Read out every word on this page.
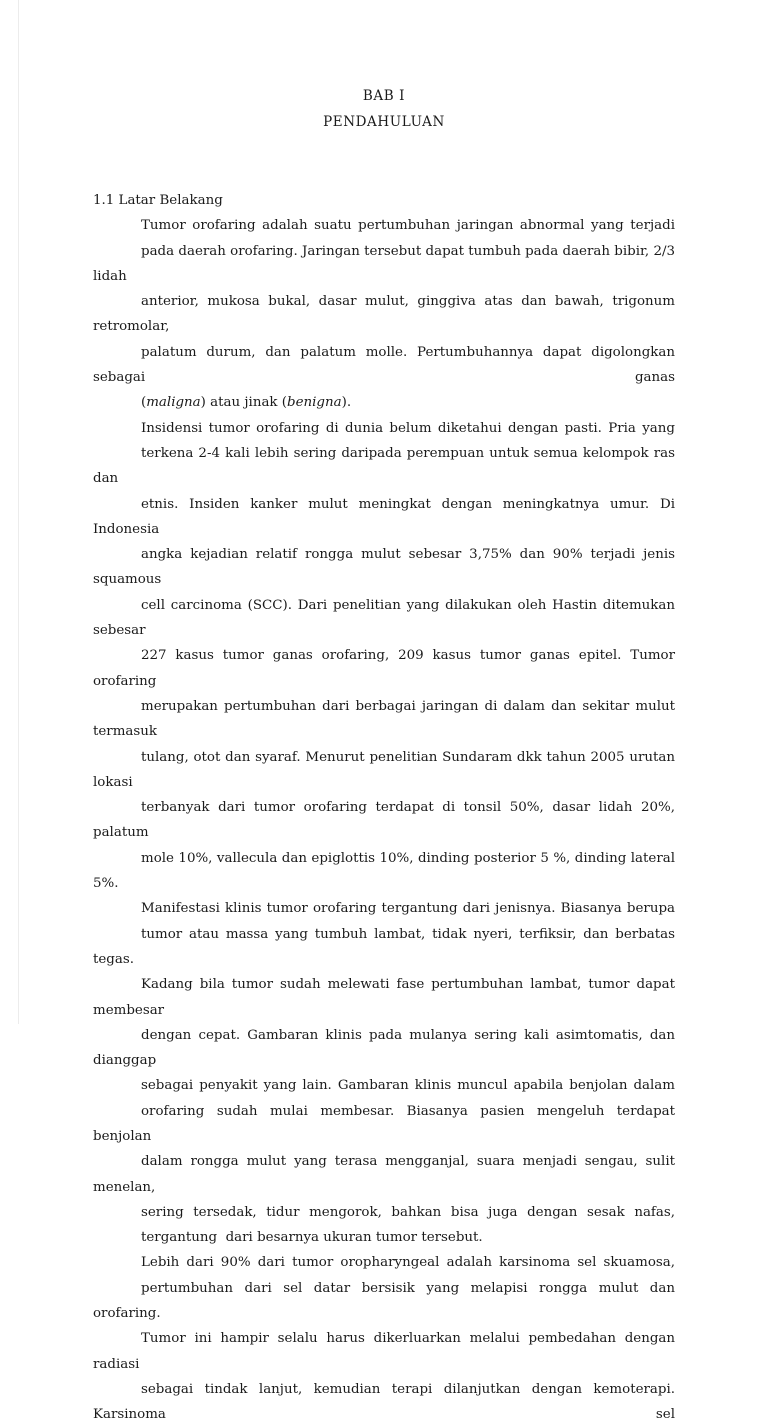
BAB I
PENDAHULUAN

1.1 Latar Belakang

Tumor orofaring adalah suatu pertumbuhan jaringan abnormal yang terjadi
pada daerah orofaring. Jaringan tersebut dapat tumbuh pada daerah bibir, 2/3 lidah
anterior, mukosa bukal, dasar mulut, ginggiva atas dan bawah, trigonum retromolar,
palatum durum, dan palatum molle. Pertumbuhannya dapat digolongkan sebagai ganas
(maligna) atau jinak (benigna).

Insidensi tumor orofaring di dunia belum diketahui dengan pasti. Pria yang
terkena 2-4 kali lebih sering daripada perempuan untuk semua kelompok ras dan
etnis. Insiden kanker mulut meningkat dengan meningkatnya umur. Di Indonesia
angka kejadian relatif rongga mulut sebesar 3,75% dan 90% terjadi jenis squamous
cell carcinoma (SCC). Dari penelitian yang dilakukan oleh Hastin ditemukan sebesar
227 kasus tumor ganas orofaring, 209 kasus tumor ganas epitel. Tumor orofaring
merupakan pertumbuhan dari berbagai jaringan di dalam dan sekitar mulut termasuk
tulang, otot dan syaraf. Menurut penelitian Sundaram dkk tahun 2005 urutan lokasi
terbanyak dari tumor orofaring terdapat di tonsil 50%, dasar lidah 20%, palatum
mole 10%, vallecula dan epiglottis 10%, dinding posterior 5 %, dinding lateral 5%.

Manifestasi klinis tumor orofaring tergantung dari jenisnya. Biasanya berupa
tumor atau massa yang tumbuh lambat, tidak nyeri, terfiksir, dan berbatas tegas.
Kadang bila tumor sudah melewati fase pertumbuhan lambat, tumor dapat membesar
dengan cepat. Gambaran klinis pada mulanya sering kali asimtomatis, dan dianggap
sebagai penyakit yang lain. Gambaran klinis muncul apabila benjolan dalam
orofaring sudah mulai membesar. Biasanya pasien mengeluh terdapat benjolan
dalam rongga mulut yang terasa mengganjal, suara menjadi sengau, sulit menelan,
sering tersedak, tidur mengorok, bahkan bisa juga dengan sesak nafas,
tergantung  dari besarnya ukuran tumor tersebut.

Lebih dari 90% dari tumor oropharyngeal adalah karsinoma sel skuamosa,
pertumbuhan dari sel datar bersisik yang melapisi rongga mulut dan orofaring.
Tumor ini hampir selalu harus dikerluarkan melalui pembedahan dengan radiasi
sebagai tindak lanjut, kemudian terapi dilanjutkan dengan kemoterapi. Karsinoma sel
